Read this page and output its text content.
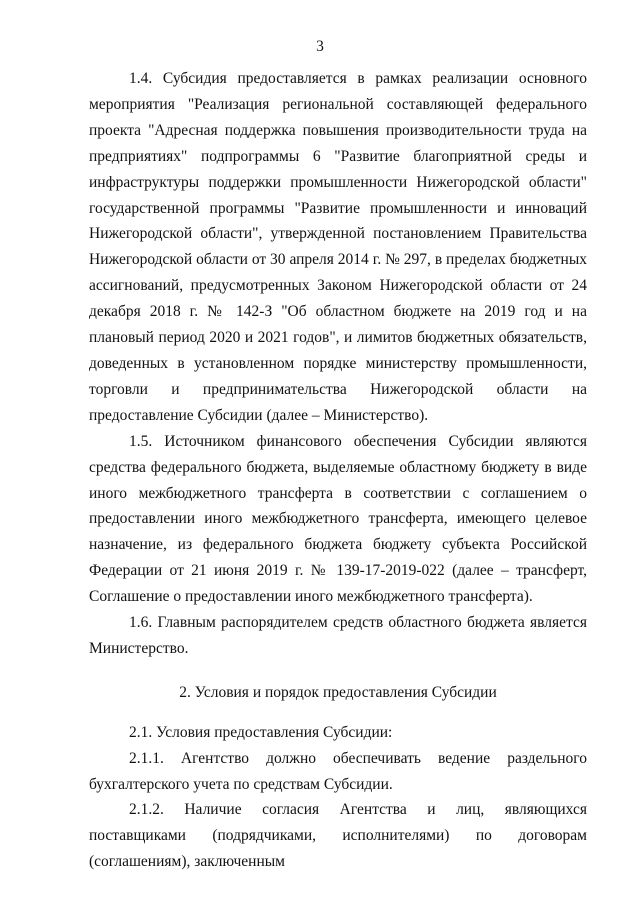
3

1.4. Субсидия предоставляется в рамках реализации основного мероприятия "Реализация региональной составляющей федерального проекта "Адресная поддержка повышения производительности труда на предприятиях" подпрограммы 6 "Развитие благоприятной среды и инфраструктуры поддержки промышленности Нижегородской области" государственной программы "Развитие промышленности и инноваций Нижегородской области", утвержденной постановлением Правительства Нижегородской области от 30 апреля 2014 г. № 297, в пределах бюджетных ассигнований, предусмотренных Законом Нижегородской области от 24 декабря 2018 г. № 142-З "Об областном бюджете на 2019 год и на плановый период 2020 и 2021 годов", и лимитов бюджетных обязательств, доведенных в установленном порядке министерству промышленности, торговли и предпринимательства Нижегородской области на предоставление Субсидии (далее – Министерство).

1.5. Источником финансового обеспечения Субсидии являются средства федерального бюджета, выделяемые областному бюджету в виде иного межбюджетного трансферта в соответствии с соглашением о предоставлении иного межбюджетного трансферта, имеющего целевое назначение, из федерального бюджета бюджету субъекта Российской Федерации от 21 июня 2019 г. № 139-17-2019-022 (далее – трансферт, Соглашение о предоставлении иного межбюджетного трансферта).

1.6. Главным распорядителем средств областного бюджета является Министерство.

2. Условия и порядок предоставления Субсидии

2.1. Условия предоставления Субсидии:

2.1.1. Агентство должно обеспечивать ведение раздельного бухгалтерского учета по средствам Субсидии.

2.1.2. Наличие согласия Агентства и лиц, являющихся поставщиками (подрядчиками, исполнителями) по договорам (соглашениям), заключенным
